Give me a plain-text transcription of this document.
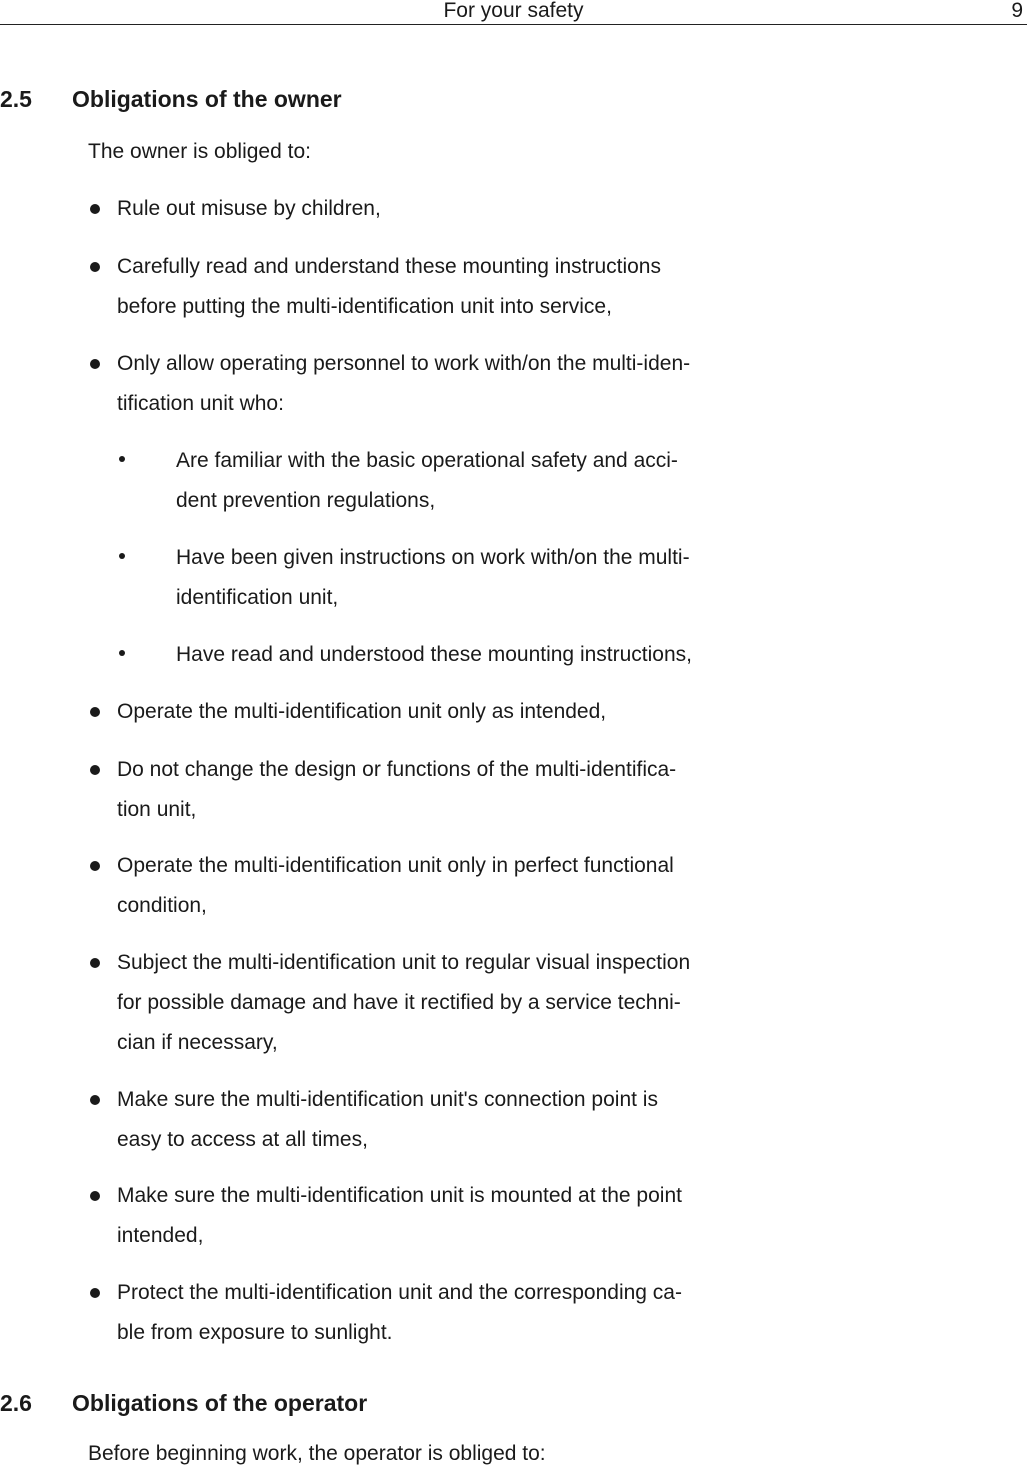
For your safety	9
2.5 Obligations of the owner
The owner is obliged to:
Rule out misuse by children,
Carefully read and understand these mounting instructions
before putting the multi-identification unit into service,
Only allow operating personnel to work with/on the multi-iden-
tification unit who:
Are familiar with the basic operational safety and acci-
dent prevention regulations,
Have been given instructions on work with/on the multi-
identification unit,
Have read and understood these mounting instructions,
Operate the multi-identification unit only as intended,
Do not change the design or functions of the multi-identifica-
tion unit,
Operate the multi-identification unit only in perfect functional
condition,
Subject the multi-identification unit to regular visual inspection
for possible damage and have it rectified by a service techni-
cian if necessary,
Make sure the multi-identification unit's connection point is
easy to access at all times,
Make sure the multi-identification unit is mounted at the point
intended,
Protect the multi-identification unit and the corresponding ca-
ble from exposure to sunlight.
2.6 Obligations of the operator
Before beginning work, the operator is obliged to:
